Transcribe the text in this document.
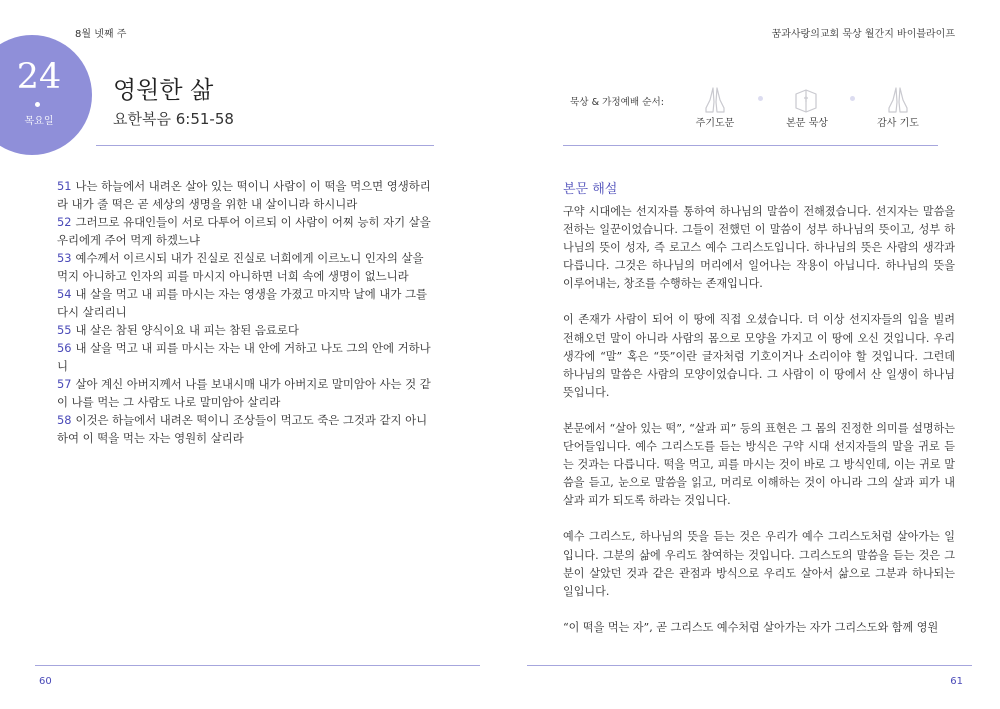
8월 넷째 주	꿈과사랑의교회 묵상 월간지 바이블라이프
24
목요일
영원한 삶
요한복음 6:51-58
51 나는 하늘에서 내려온 살아 있는 떡이니 사람이 이 떡을 먹으면 영생하리라 내가 줄 떡은 곧 세상의 생명을 위한 내 살이니라 하시니라
52 그러므로 유대인들이 서로 다투어 이르되 이 사람이 어찌 능히 자기 살을 우리에게 주어 먹게 하겠느냐
53 예수께서 이르시되 내가 진실로 진실로 너희에게 이르노니 인자의 살을 먹지 아니하고 인자의 피를 마시지 아니하면 너희 속에 생명이 없느니라
54 내 살을 먹고 내 피를 마시는 자는 영생을 가졌고 마지막 날에 내가 그를 다시 살리리니
55 내 살은 참된 양식이요 내 피는 참된 음료로다
56 내 살을 먹고 내 피를 마시는 자는 내 안에 거하고 나도 그의 안에 거하나니
57 살아 계신 아버지께서 나를 보내시매 내가 아버지로 말미암아 사는 것 같이 나를 먹는 그 사람도 나로 말미암아 살리라
58 이것은 하늘에서 내려온 떡이니 조상들이 먹고도 죽은 그것과 같지 아니하여 이 떡을 먹는 자는 영원히 살리라
묵상 & 가정예배 순서:
주기도문	본문 묵상	감사 기도
본문 해설

구약 시대에는 선지자를 통하여 하나님의 말씀이 전해졌습니다. 선지자는 말씀을 전하는 일꾼이었습니다. 그들이 전했던 이 말씀이 성부 하나님의 뜻이고, 성부 하나님의 뜻이 성자, 즉 로고스 예수 그리스도입니다. 하나님의 뜻은 사람의 생각과 다릅니다. 그것은 하나님의 머리에서 일어나는 작용이 아닙니다. 하나님의 뜻을 이루어내는, 창조를 수행하는 존재입니다.

이 존재가 사람이 되어 이 땅에 직접 오셨습니다. 더 이상 선지자들의 입을 빌려 전해오던 말이 아니라 사람의 몸으로 모양을 가지고 이 땅에 오신 것입니다. 우리 생각에 “말” 혹은 “뜻”이란 글자처럼 기호이거나 소리이야 할 것입니다. 그런데 하나님의 말씀은 사람의 모양이었습니다. 그 사람이 이 땅에서 산 일생이 하나님 뜻입니다.

본문에서 “살아 있는 떡”, “살과 피” 등의 표현은 그 몸의 진정한 의미를 설명하는 단어들입니다. 예수 그리스도를 듣는 방식은 구약 시대 선지자들의 말을 귀로 듣는 것과는 다릅니다. 떡을 먹고, 피를 마시는 것이 바로 그 방식인데, 이는 귀로 말씀을 듣고, 눈으로 말씀을 읽고, 머리로 이해하는 것이 아니라 그의 살과 피가 내 살과 피가 되도록 하라는 것입니다.

예수 그리스도, 하나님의 뜻을 듣는 것은 우리가 예수 그리스도처럼 살아가는 일입니다. 그분의 삶에 우리도 참여하는 것입니다. 그리스도의 말씀을 듣는 것은 그분이 살았던 것과 같은 관점과 방식으로 우리도 살아서 삶으로 그분과 하나되는 일입니다.

“이 떡을 먹는 자”, 곧 그리스도 예수처럼 살아가는 자가 그리스도와 함께 영원

60	61
